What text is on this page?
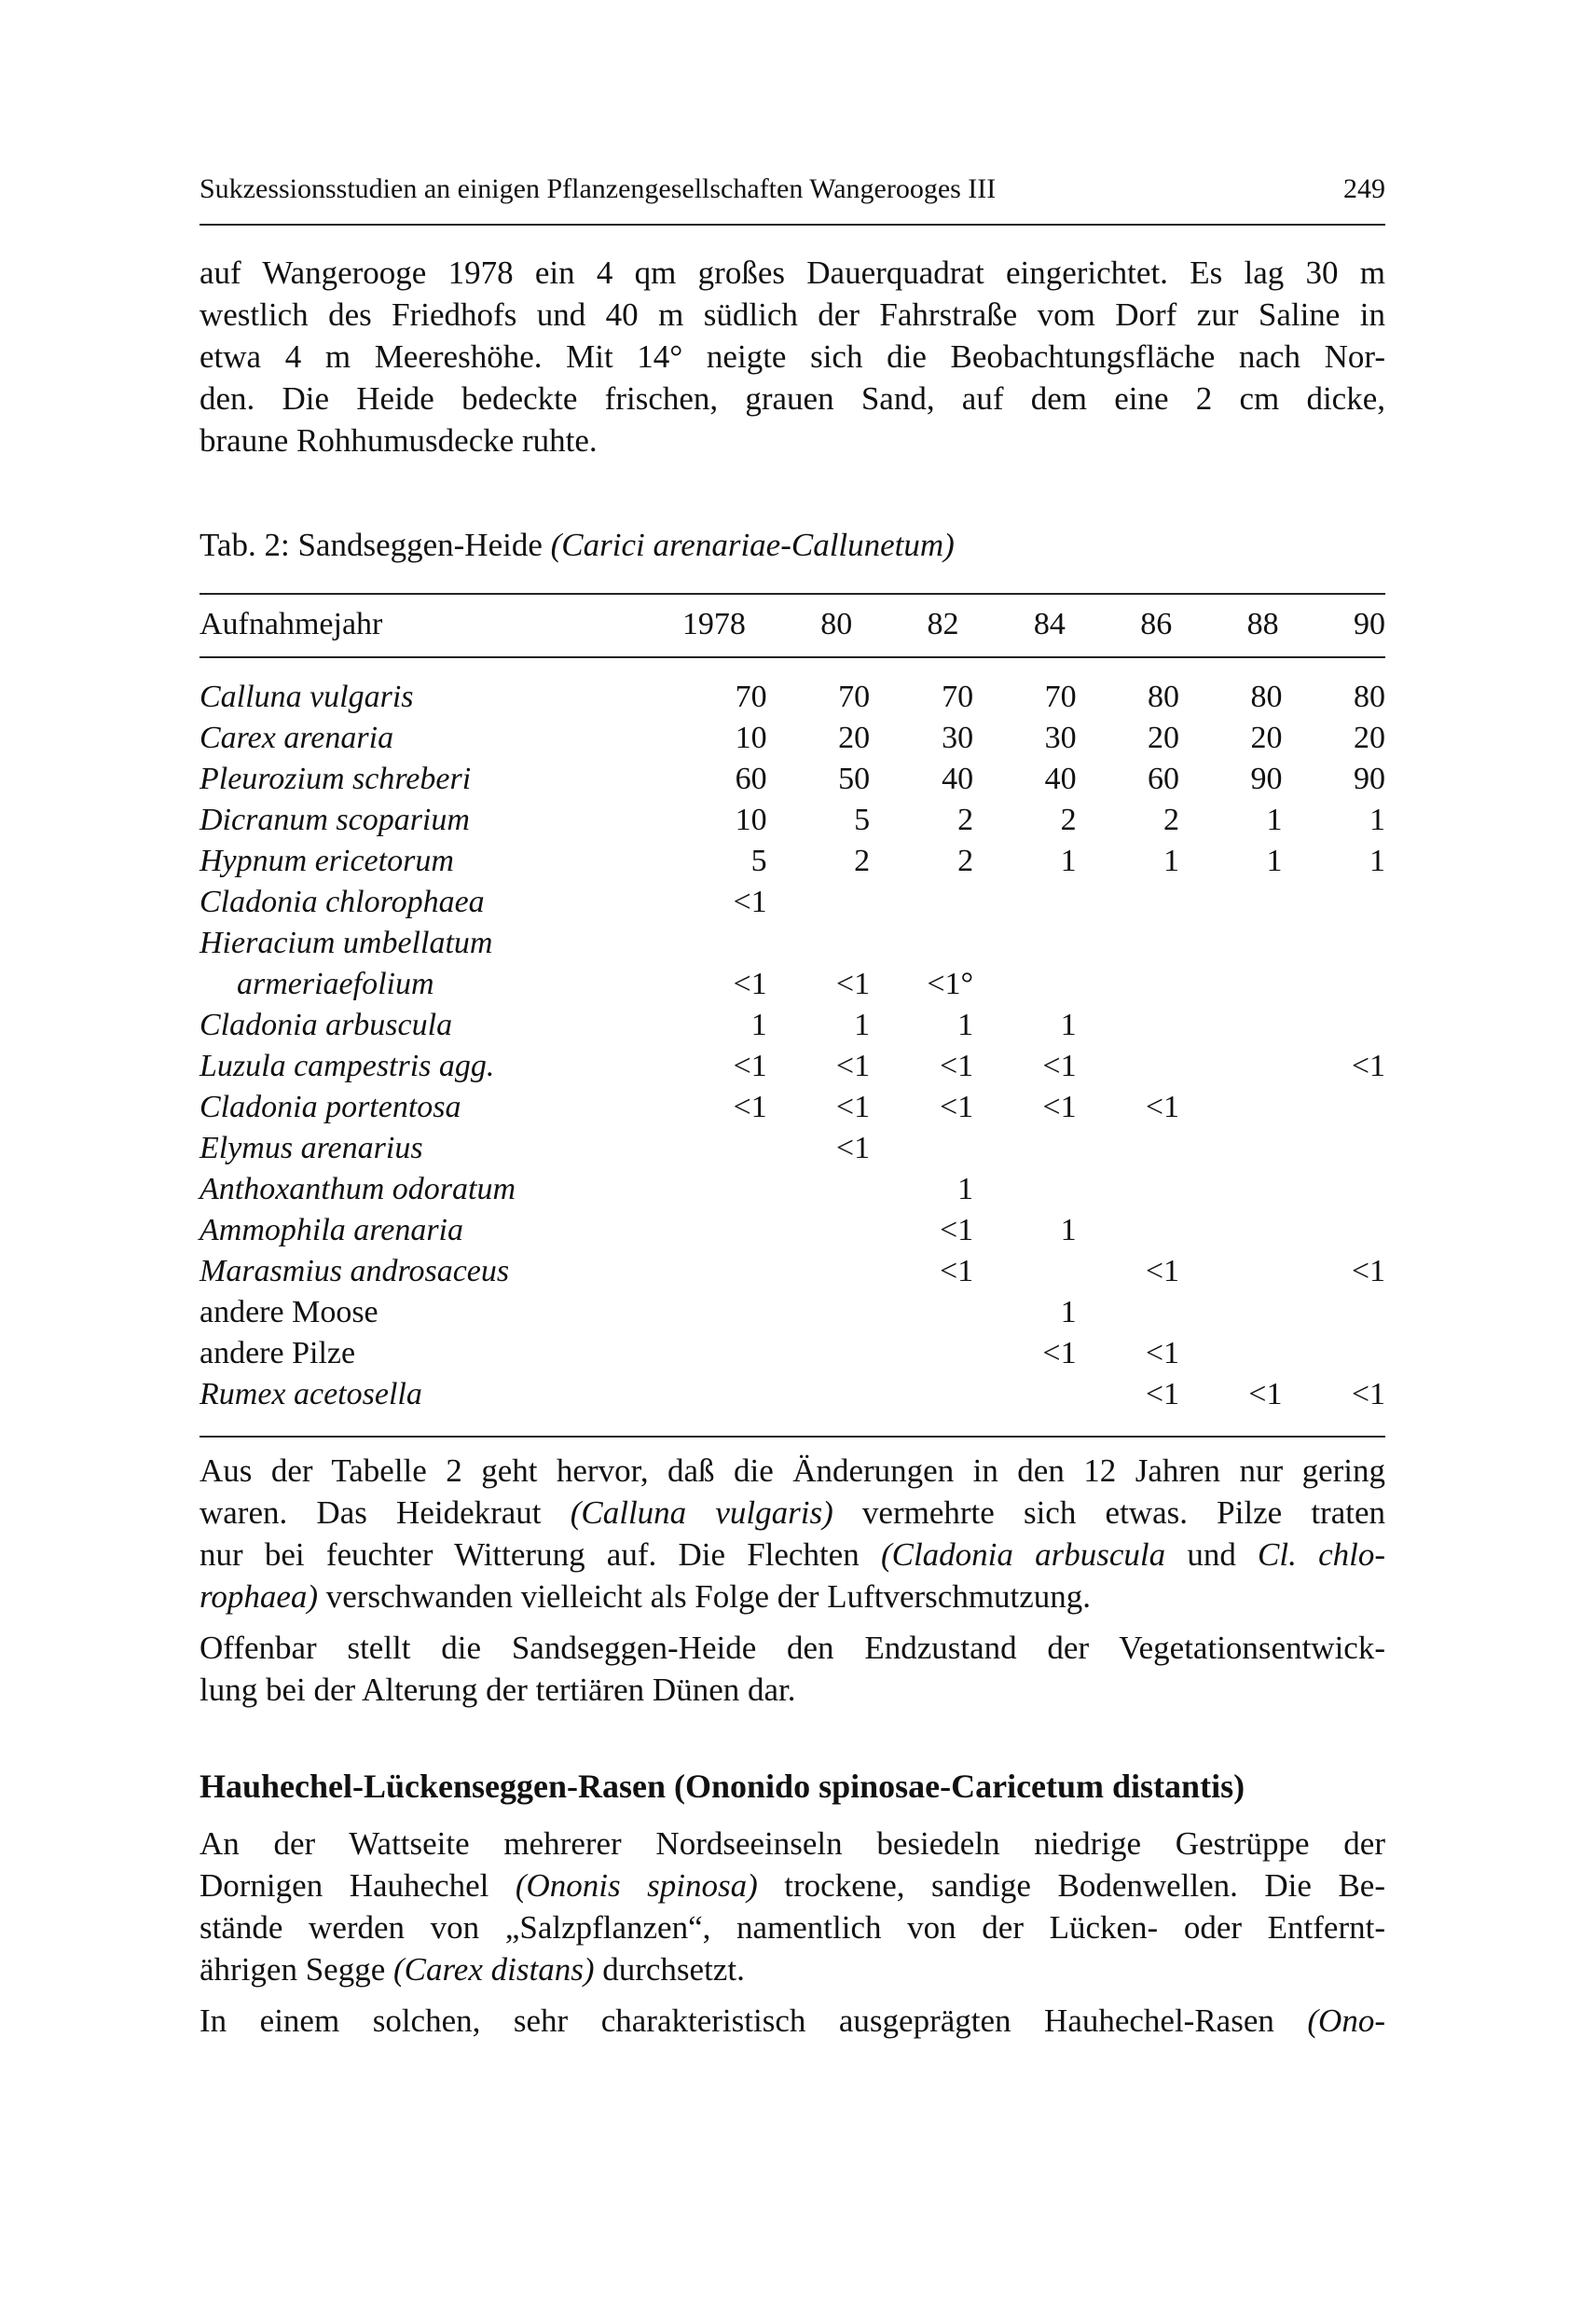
Sukzessionsstudien an einigen Pflanzengesellschaften Wangerooges III	249
auf Wangerooge 1978 ein 4 qm großes Dauerquadrat eingerichtet. Es lag 30 m
westlich des Friedhofs und 40 m südlich der Fahrstraße vom Dorf zur Saline in
etwa 4 m Meereshöhe. Mit 14° neigte sich die Beobachtungsfläche nach Nor-
den. Die Heide bedeckte frischen, grauen Sand, auf dem eine 2 cm dicke,
braune Rohhumusdecke ruhte.
Tab. 2: Sandseggen-Heide (Carici arenariae-Callunetum)
Aufnahmejahr	1978	80	82	84	86	88	90
Calluna vulgaris	70	70	70	70	80	80	80
Carex arenaria	10	20	30	30	20	20	20
Pleurozium schreberi	60	50	40	40	60	90	90
Dicranum scoparium	10	5	2	2	2	1	1
Hypnum ericetorum	5	2	2	1	1	1	1
Cladonia chlorophaea	<1						
Hieracium umbellatum							
armeriaefolium	<1	<1	<1°				
Cladonia arbuscula	1	1	1	1			
Luzula campestris agg.	<1	<1	<1	<1			<1
Cladonia portentosa	<1	<1	<1	<1	<1		
Elymus arenarius		<1					
Anthoxanthum odoratum			1				
Ammophila arenaria			<1	1			
Marasmius androsaceus			<1		<1		<1
andere Moose				1			
andere Pilze				<1	<1		
Rumex acetosella					<1	<1	<1
Aus der Tabelle 2 geht hervor, daß die Änderungen in den 12 Jahren nur gering
waren. Das Heidekraut (Calluna vulgaris) vermehrte sich etwas. Pilze traten
nur bei feuchter Witterung auf. Die Flechten (Cladonia arbuscula und Cl. chlo-
rophaea) verschwanden vielleicht als Folge der Luftverschmutzung.
Offenbar stellt die Sandseggen-Heide den Endzustand der Vegetationsentwick-
lung bei der Alterung der tertiären Dünen dar.
Hauhechel-Lückenseggen-Rasen (Ononido spinosae-Caricetum distantis)
An der Wattseite mehrerer Nordseeinseln besiedeln niedrige Gestrüppe der
Dornigen Hauhechel (Ononis spinosa) trockene, sandige Bodenwellen. Die Be-
stände werden von „Salzpflanzen“, namentlich von der Lücken- oder Entfernt-
ährigen Segge (Carex distans) durchsetzt.
In einem solchen, sehr charakteristisch ausgeprägten Hauhechel-Rasen (Ono-
